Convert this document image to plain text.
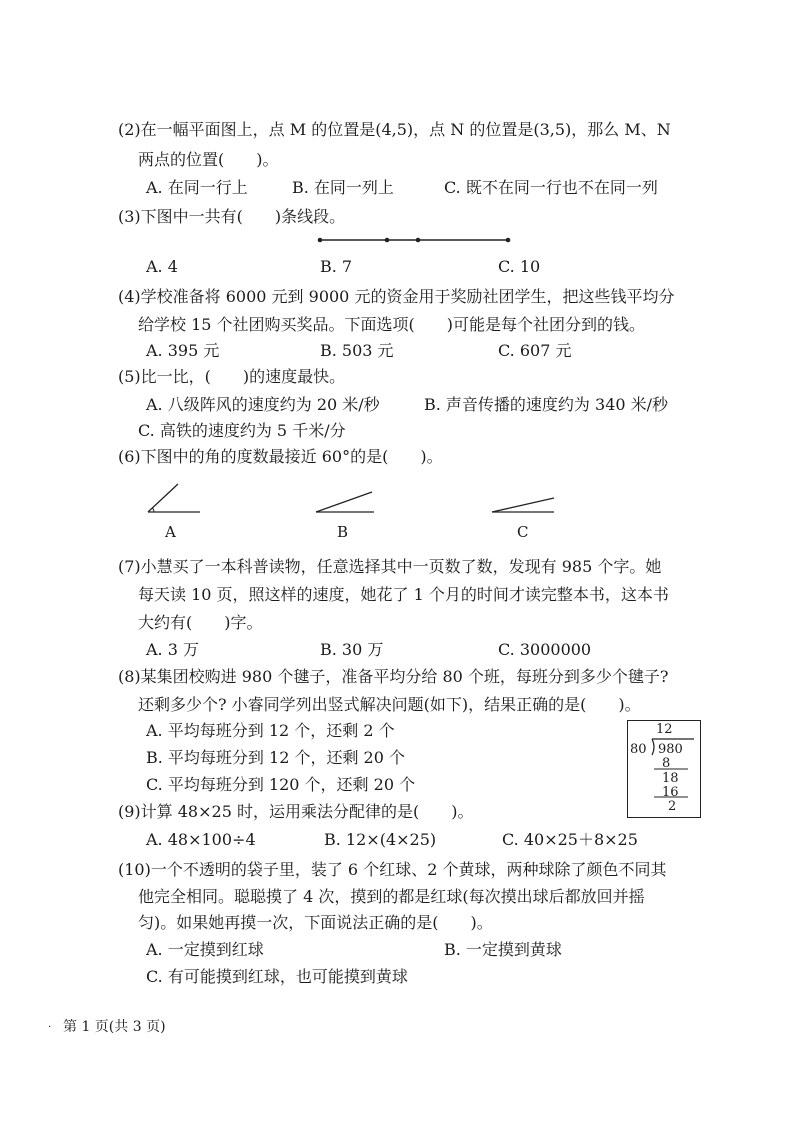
(2)在一幅平面图上，点 M 的位置是(4,5)，点 N 的位置是(3,5)，那么 M、N
两点的位置(　　)。
A. 在同一行上	B. 在同一列上	C. 既不在同一行也不在同一列
(3)下图中一共有(　　)条线段。
A. 4	B. 7	C. 10
(4)学校准备将 6000 元到 9000 元的资金用于奖励社团学生，把这些钱平均分
给学校 15 个社团购买奖品。下面选项(　　)可能是每个社团分到的钱。
A. 395 元	B. 503 元	C. 607 元
(5)比一比，(　　)的速度最快。
A. 八级阵风的速度约为 20 米/秒	B. 声音传播的速度约为 340 米/秒
C. 高铁的速度约为 5 千米/分
(6)下图中的角的度数最接近 60°的是(　　)。
A	B	C
(7)小慧买了一本科普读物，任意选择其中一页数了数，发现有 985 个字。她
每天读 10 页，照这样的速度，她花了 1 个月的时间才读完整本书，这本书
大约有(　　)字。
A. 3 万	B. 30 万	C. 3000000
(8)某集团校购进 980 个毽子，准备平均分给 80 个班，每班分到多少个毽子?
还剩多少个? 小睿同学列出竖式解决问题(如下)，结果正确的是(　　)。
A. 平均每班分到 12 个，还剩 2 个
B. 平均每班分到 12 个，还剩 20 个
C. 平均每班分到 120 个，还剩 20 个
12
80 980
8
18
16
2
(9)计算 48×25 时，运用乘法分配律的是(　　)。
A. 48×100÷4	B. 12×(4×25)	C. 40×25＋8×25
(10)一个不透明的袋子里，装了 6 个红球、2 个黄球，两种球除了颜色不同其
他完全相同。聪聪摸了 4 次，摸到的都是红球(每次摸出球后都放回并摇
匀)。如果她再摸一次，下面说法正确的是(　　)。
A. 一定摸到红球	B. 一定摸到黄球
C. 有可能摸到红球，也可能摸到黄球
· 第 1 页(共 3 页)
